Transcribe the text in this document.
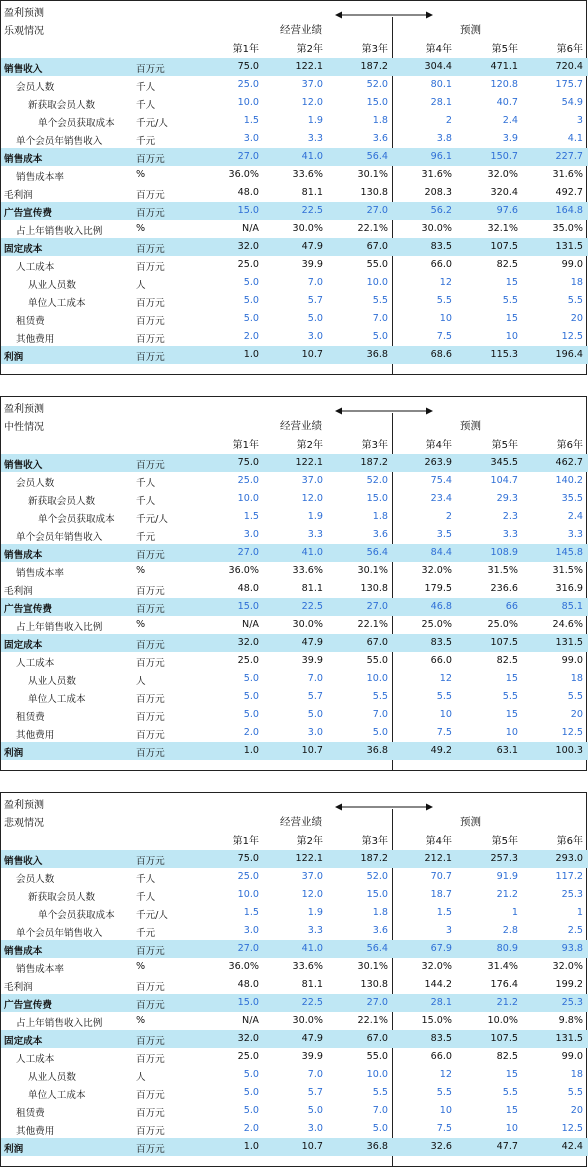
盈利预测
乐观情况	经营业绩	预测
第1年	第2年	第3年	第4年	第5年	第6年
销售收入	百万元	75.0	122.1	187.2	304.4	471.1	720.4
会员人数	千人	25.0	37.0	52.0	80.1	120.8	175.7
新获取会员人数	千人	10.0	12.0	15.0	28.1	40.7	54.9
单个会员获取成本 千元/人	1.5	1.9	1.8	2	2.4	3
单个会员年销售收入	千元	3.0	3.3	3.6	3.8	3.9	4.1
销售成本	百万元	27.0	41.0	56.4	96.1	150.7	227.7
销售成本率	%	36.0%	33.6%	30.1%	31.6%	32.0%	31.6%
毛利润	百万元	48.0	81.1	130.8	208.3	320.4	492.7
广告宣传费	百万元	15.0	22.5	27.0	56.2	97.6	164.8
占上年销售收入比例	%	N/A	30.0%	22.1%	30.0%	32.1%	35.0%
固定成本	百万元	32.0	47.9	67.0	83.5	107.5	131.5
人工成本	百万元	25.0	39.9	55.0	66.0	82.5	99.0
从业人员数	人	5.0	7.0	10.0	12	15	18
单位人工成本	百万元	5.0	5.7	5.5	5.5	5.5	5.5
租赁费	百万元	5.0	5.0	7.0	10	15	20
其他费用	百万元	2.0	3.0	5.0	7.5	10	12.5
利润	百万元	1.0	10.7	36.8	68.6	115.3	196.4
盈利预测
中性情况	经营业绩	预测
第1年	第2年	第3年	第4年	第5年	第6年
销售收入	百万元	75.0	122.1	187.2	263.9	345.5	462.7
会员人数	千人	25.0	37.0	52.0	75.4	104.7	140.2
新获取会员人数	千人	10.0	12.0	15.0	23.4	29.3	35.5
单个会员获取成本 千元/人	1.5	1.9	1.8	2	2.3	2.4
单个会员年销售收入	千元	3.0	3.3	3.6	3.5	3.3	3.3
销售成本	百万元	27.0	41.0	56.4	84.4	108.9	145.8
销售成本率	%	36.0%	33.6%	30.1%	32.0%	31.5%	31.5%
毛利润	百万元	48.0	81.1	130.8	179.5	236.6	316.9
广告宣传费	百万元	15.0	22.5	27.0	46.8	66	85.1
占上年销售收入比例	%	N/A	30.0%	22.1%	25.0%	25.0%	24.6%
固定成本	百万元	32.0	47.9	67.0	83.5	107.5	131.5
人工成本	百万元	25.0	39.9	55.0	66.0	82.5	99.0
从业人员数	人	5.0	7.0	10.0	12	15	18
单位人工成本	百万元	5.0	5.7	5.5	5.5	5.5	5.5
租赁费	百万元	5.0	5.0	7.0	10	15	20
其他费用	百万元	2.0	3.0	5.0	7.5	10	12.5
利润	百万元	1.0	10.7	36.8	49.2	63.1	100.3
盈利预测
悲观情况	经营业绩	预测
第1年	第2年	第3年	第4年	第5年	第6年
销售收入	百万元	75.0	122.1	187.2	212.1	257.3	293.0
会员人数	千人	25.0	37.0	52.0	70.7	91.9	117.2
新获取会员人数	千人	10.0	12.0	15.0	18.7	21.2	25.3
单个会员获取成本 千元/人	1.5	1.9	1.8	1.5	1	1
单个会员年销售收入	千元	3.0	3.3	3.6	3	2.8	2.5
销售成本	百万元	27.0	41.0	56.4	67.9	80.9	93.8
销售成本率	%	36.0%	33.6%	30.1%	32.0%	31.4%	32.0%
毛利润	百万元	48.0	81.1	130.8	144.2	176.4	199.2
广告宣传费	百万元	15.0	22.5	27.0	28.1	21.2	25.3
占上年销售收入比例	%	N/A	30.0%	22.1%	15.0%	10.0%	9.8%
固定成本	百万元	32.0	47.9	67.0	83.5	107.5	131.5
人工成本	百万元	25.0	39.9	55.0	66.0	82.5	99.0
从业人员数	人	5.0	7.0	10.0	12	15	18
单位人工成本	百万元	5.0	5.7	5.5	5.5	5.5	5.5
租赁费	百万元	5.0	5.0	7.0	10	15	20
其他费用	百万元	2.0	3.0	5.0	7.5	10	12.5
利润	百万元	1.0	10.7	36.8	32.6	47.7	42.4
